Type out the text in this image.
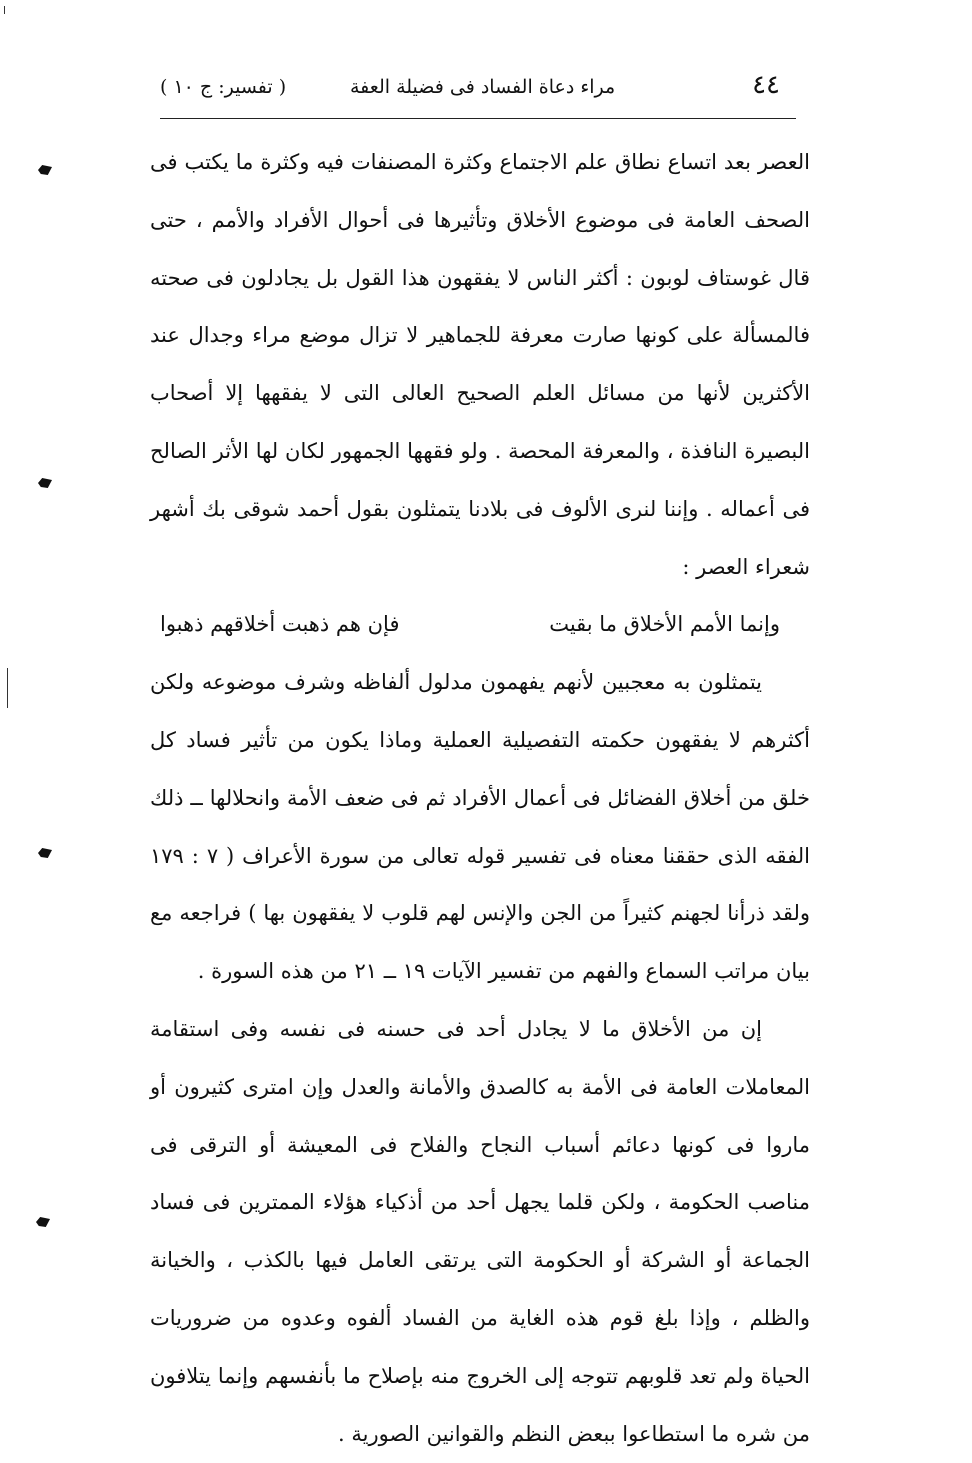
٤٤
مراء دعاة الفساد فى فضيلة العفة
( تفسير: ج ١٠ )

العصر بعد اتساع نطاق علم الاجتماع وكثرة المصنفات فيه وكثرة ما يكتب فى الصحف العامة فى موضوع الأخلاق وتأثيرها فى أحوال الأفراد والأمم ، حتى قال غوستاف لوبون : أكثر الناس لا يفقهون هذا القول بل يجادلون فى صحته فالمسألة على كونها صارت معرفة للجماهير لا تزال موضع مراء وجدال عند الأكثرين لأنها من مسائل العلم الصحيح العالى التى لا يفقهها إلا أصحاب البصيرة النافذة ، والمعرفة المحصة . ولو فقهها الجمهور لكان لها الأثر الصالح فى أعماله . وإننا لنرى الألوف فى بلادنا يتمثلون بقول أحمد شوقى بك أشهر شعراء العصر :

وإنما الأمم الأخلاق ما بقيت
فإن هم ذهبت أخلاقهم ذهبوا

يتمثلون به معجبين لأنهم يفهمون مدلول ألفاظه وشرف موضوعه ولكن أكثرهم لا يفقهون حكمته التفصيلية العملية وماذا يكون من تأثير فساد كل خلق من أخلاق الفضائل فى أعمال الأفراد ثم فى ضعف الأمة وانحلالها ــ ذلك الفقه الذى حققنا معناه فى تفسير قوله تعالى من سورة الأعراف ( ٧ : ١٧٩ ولقد ذرأنا لجهنم كثيراً من الجن والإنس لهم قلوب لا يفقهون بها ) فراجعه مع بيان مراتب السماع والفهم من تفسير الآيات ١٩ ــ ٢١ من هذه السورة .

إن من الأخلاق ما لا يجادل أحد فى حسنه فى نفسه وفى استقامة المعاملات العامة فى الأمة به كالصدق والأمانة والعدل وإن امترى كثيرون أو ماروا فى كونها دعائم أسباب النجاح والفلاح فى المعيشة أو الترقى فى مناصب الحكومة ، ولكن قلما يجهل أحد من أذكياء هؤلاء الممترين فى فساد الجماعة أو الشركة أو الحكومة التى يرتقى العامل فيها بالكذب ، والخيانة والظلم ، وإذا بلغ قوم هذه الغاية من الفساد ألفوه وعدوه من ضروريات الحياة ولم تعد قلوبهم تتوجه إلى الخروج منه بإصلاح ما بأنفسهم وإنما يتلافون من شره ما استطاعوا ببعض النظم والقوانين الصورية .
